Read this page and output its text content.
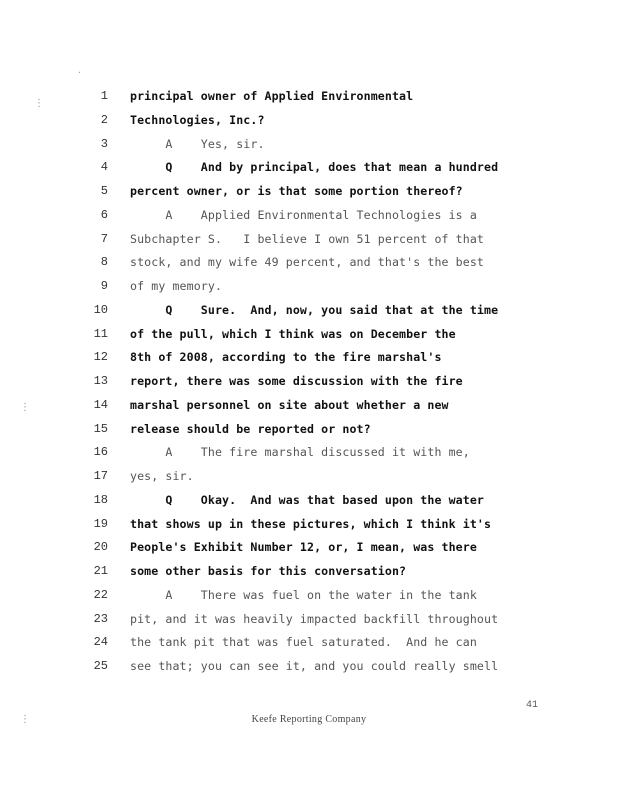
·
⋮
⋮
⋮
1 principal owner of Applied Environmental
2 Technologies, Inc.?
3 A    Yes, sir.
4 Q    And by principal, does that mean a hundred
5 percent owner, or is that some portion thereof?
6 A    Applied Environmental Technologies is a
7 Subchapter S.   I believe I own 51 percent of that
8 stock, and my wife 49 percent, and that's the best
9 of my memory.
10 Q    Sure.  And, now, you said that at the time
11 of the pull, which I think was on December the
12 8th of 2008, according to the fire marshal's
13 report, there was some discussion with the fire
14 marshal personnel on site about whether a new
15 release should be reported or not?
16 A    The fire marshal discussed it with me,
17 yes, sir.
18 Q    Okay.  And was that based upon the water
19 that shows up in these pictures, which I think it's
20 People's Exhibit Number 12, or, I mean, was there
21 some other basis for this conversation?
22 A    There was fuel on the water in the tank
23 pit, and it was heavily impacted backfill throughout
24 the tank pit that was fuel saturated.  And he can
25 see that; you can see it, and you could really smell
41
Keefe Reporting Company
